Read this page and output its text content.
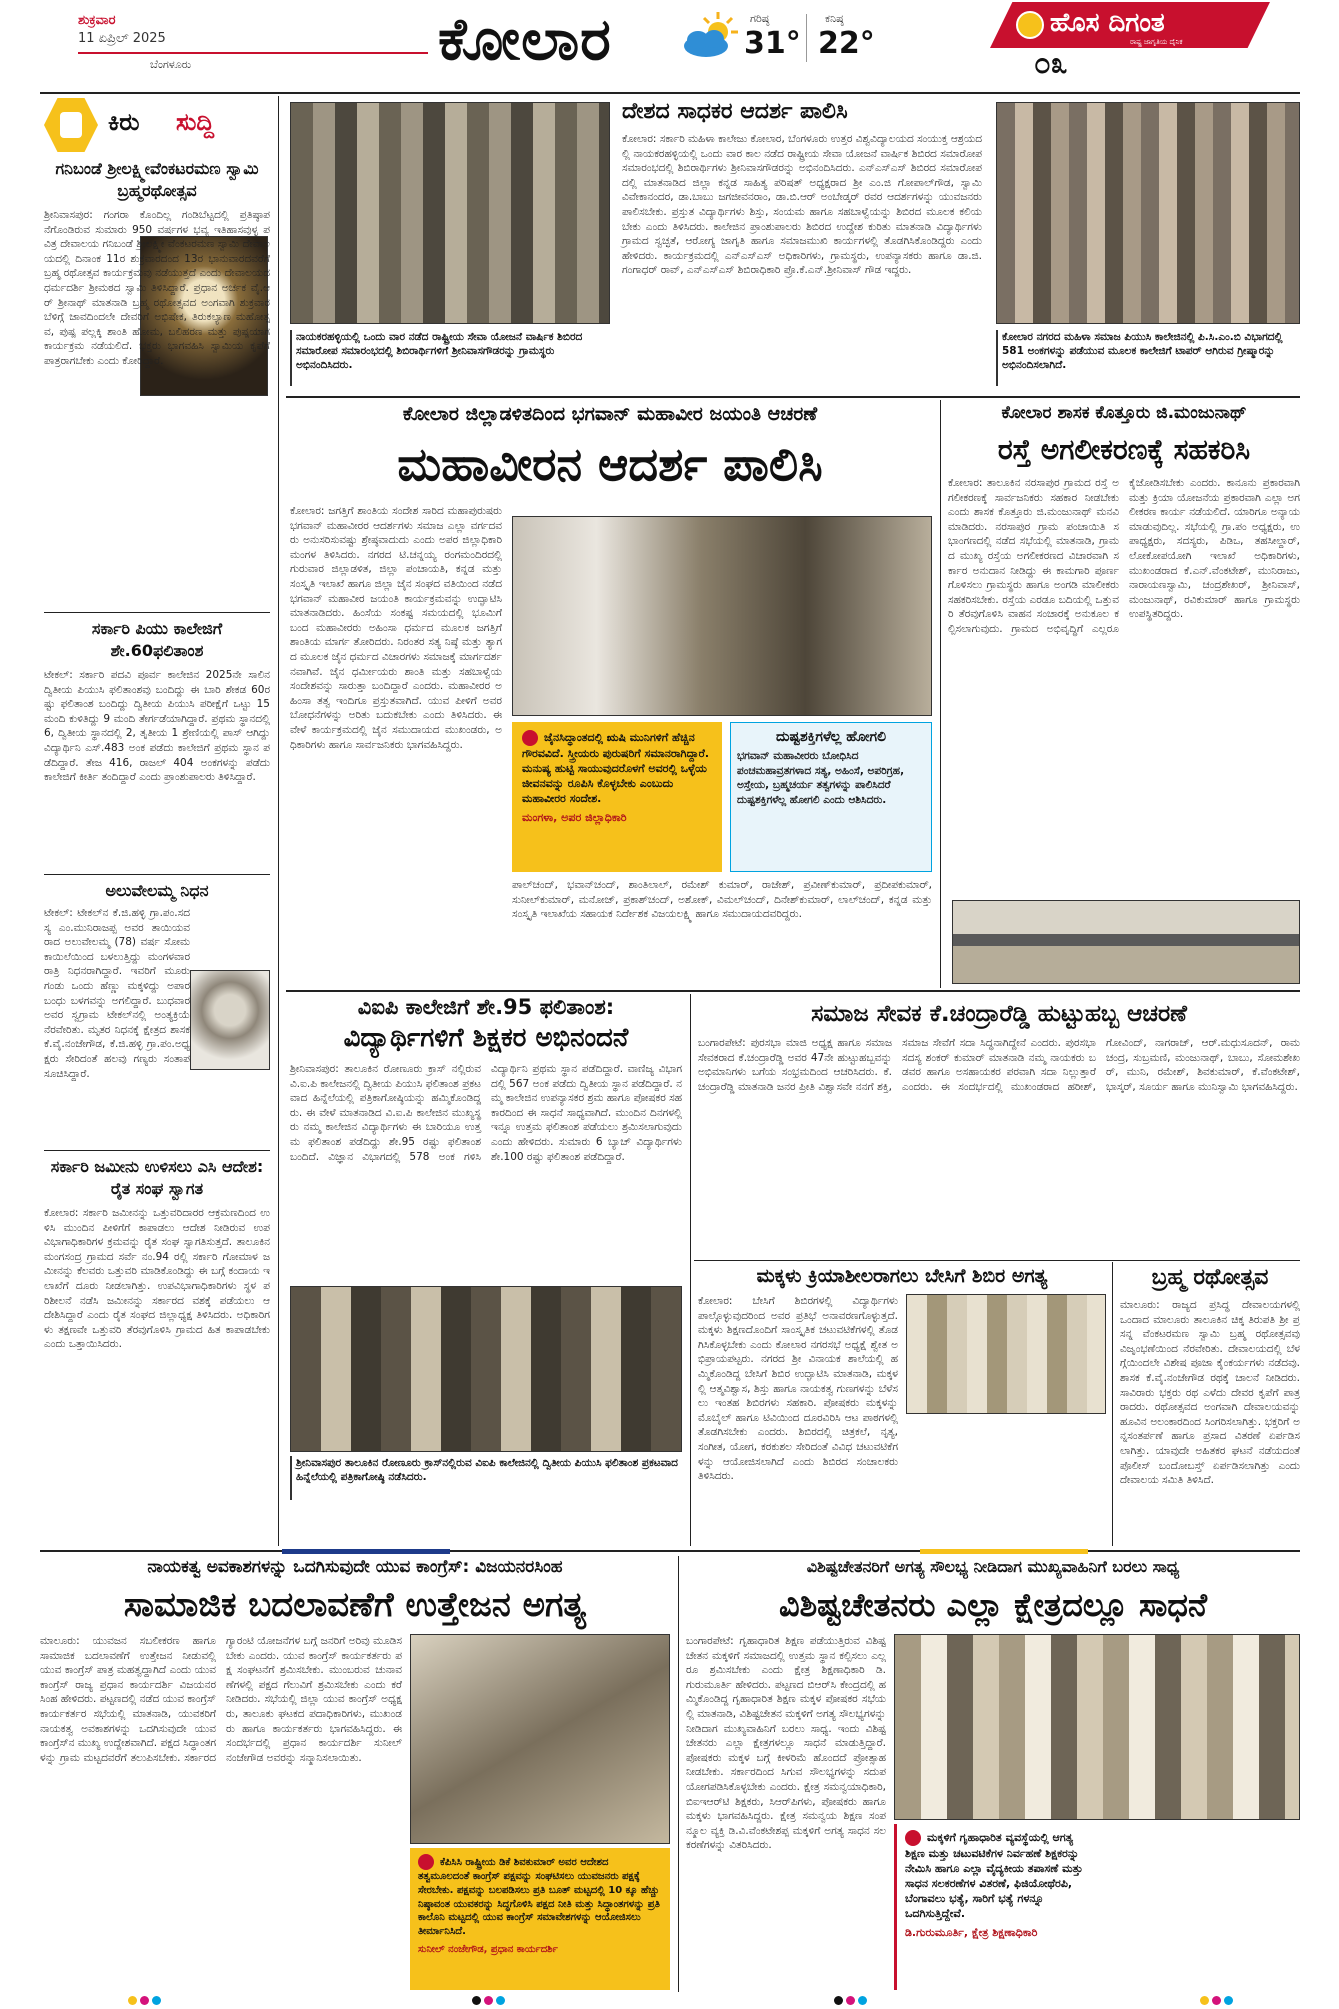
ಶುಕ್ರವಾರ
11 ಏಪ್ರಿಲ್ 2025
ಬೆಂಗಳೂರು	ಕೋಲಾರ	ಗರಿಷ್ಠ
31°
ಕನಿಷ್ಠ
22°
ಹೊಸ ದಿಗಂತ
ರಾಷ್ಟ್ರ ಜಾಗೃತಿಯ ದೈನಿಕ
೦೩
ಕಿರು ಸುದ್ದಿ
ಗನಿಬಂಡೆ ಶ್ರೀಲಕ್ಷ್ಮೀವೆಂಕಟರಮಣ ಸ್ವಾಮಿ ಬ್ರಹ್ಮರಥೋತ್ಸವ
ಶ್ರೀನಿವಾಸಪುರ: ಗಂಗರಾ ಕೊಂದಿಲ್ಲ ಗಂಡಿಬೆಟ್ಟದಲ್ಲಿ ಪ್ರತಿಷ್ಠಾಪನೆಗೊಂಡಿರುವ ಸುಮಾರು 950 ವರ್ಷಗಳ ಭವ್ಯ ಇತಿಹಾಸವುಳ್ಳ ಪವಿತ್ರ ದೇವಾಲಯ ಗನಿಬಂಡೆ ಶ್ರೀಲಕ್ಷ್ಮೀ ವೆಂಕಟರಮಣ ಸ್ವಾಮಿ ದೇವಾಲಯದಲ್ಲಿ ದಿನಾಂಕ 11ರ ಶುಕ್ರವಾರದಂದ 13ರ ಭಾನುವಾರದವರೆಗೆ ಬ್ರಹ್ಮ ರಥೋತ್ಸವ ಕಾರ್ಯಕ್ರಮವು ನಡೆಯುತ್ತದೆ ಎಂದು ದೇವಾಲಯದ ಧರ್ಮದರ್ಶಿ ಶ್ರೀಮಠದ ಸ್ವಾಮಿ ತಿಳಿಸಿದ್ದಾರೆ. ಪ್ರಧಾನ ಅರ್ಚಕ ವೈ.ಆರ್ ಶ್ರೀನಾಥ್ ಮಾತನಾಡಿ ಬ್ರಹ್ಮ ರಥೋತ್ಸವದ ಅಂಗವಾಗಿ ಶುಕ್ರವಾರ ಬೆಳಿಗ್ಗೆ ಜಾವದಿಂದಲೇ ದೇವರಿಗೆ ಅಭಿಷೇಕ, ತಿರುಕಲ್ಯಾಣ ಮಹೋತ್ಸವ, ಪುಷ್ಪ ಪಲ್ಲಕ್ಕಿ ಶಾಂತಿ ಹೋಮ, ಬಲಿಹರಣ ಮತ್ತು ಪುಷ್ಪಯಾಗ ಕಾರ್ಯಕ್ರಮ ನಡೆಯಲಿದೆ. ಭಕ್ತರು ಭಾಗವಹಿಸಿ ಸ್ವಾಮಿಯ ಕೃಪೆಗೆ ಪಾತ್ರರಾಗಬೇಕು ಎಂದು ಕೋರಿದ್ದಾರೆ.
ಸರ್ಕಾರಿ ಪಿಯು ಕಾಲೇಜಿಗೆ ಶೇ.60ಫಲಿತಾಂಶ
ಟೇಕಲ್: ಸರ್ಕಾರಿ ಪದವಿ ಪೂರ್ವ ಕಾಲೇಜಿನ 2025ನೇ ಸಾಲಿನ ದ್ವಿತೀಯ ಪಿಯುಸಿ ಫಲಿತಾಂಶವು ಬಂದಿದ್ದು ಈ ಬಾರಿ ಶೇಕಡ 60ರಷ್ಟು ಫಲಿತಾಂಶ ಬಂದಿದ್ದು ದ್ವಿತೀಯ ಪಿಯುಸಿ ಪರೀಕ್ಷೆಗೆ ಒಟ್ಟು 15 ಮಂದಿ ಕುಳಿತಿದ್ದು 9 ಮಂದಿ ತೇರ್ಗಡೆಯಾಗಿದ್ದಾರೆ. ಪ್ರಥಮ ಸ್ಥಾನದಲ್ಲಿ 6, ದ್ವಿತೀಯ ಸ್ಥಾನದಲ್ಲಿ 2, ತೃತೀಯ 1 ಶ್ರೇಣಿಯಲ್ಲಿ ಪಾಸ್ ಆಗಿದ್ದು ವಿದ್ಯಾರ್ಥಿನಿ ಎಸ್.483 ಅಂಕ ಪಡೆದು ಕಾಲೇಜಿಗೆ ಪ್ರಥಮ ಸ್ಥಾನ ಪಡೆದಿದ್ದಾರೆ. ತೇಜ 416, ರಾಜಲ್ 404 ಅಂಕಗಳನ್ನು ಪಡೆದು ಕಾಲೇಜಿಗೆ ಕೀರ್ತಿ ತಂದಿದ್ದಾರೆ ಎಂದು ಪ್ರಾಂಶುಪಾಲರು ತಿಳಿಸಿದ್ದಾರೆ.
ಅಲುವೇಲಮ್ಮ ನಿಧನ
ಟೇಕಲ್: ಟೇಕಲ್‌ನ ಕೆ.ಜಿ.ಹಳ್ಳಿ ಗ್ರಾ.ಪಂ.ಸದಸ್ಯ ಎಂ.ಮುನಿರಾಜಪ್ಪ ಅವರ ತಾಯಿಯವರಾದ ಅಲುವೇಲಮ್ಮ (78) ವರ್ಷ ಸೋಮ ಕಾಯಿಲೆಯಿಂದ ಬಳಲುತ್ತಿದ್ದು ಮಂಗಳವಾರ ರಾತ್ರಿ ನಿಧನರಾಗಿದ್ದಾರೆ. ಇವರಿಗೆ ಮೂರು ಗಂಡು ಒಂದು ಹೆಣ್ಣು ಮಕ್ಕಳಿದ್ದು ಅಪಾರ ಬಂಧು ಬಳಗವನ್ನು ಅಗಲಿದ್ದಾರೆ. ಬುಧವಾರ ಅವರ ಸ್ವಗ್ರಾಮ ಟೇಕಲ್‌ನಲ್ಲಿ ಅಂತ್ಯಕ್ರಿಯೆ ನೆರವೇರಿತು. ಮೃತರ ನಿಧನಕ್ಕೆ ಕ್ಷೇತ್ರದ ಶಾಸಕ ಕೆ.ವೈ.ನಂಜೇಗೌಡ, ಕೆ.ಜಿ.ಹಳ್ಳಿ ಗ್ರಾ.ಪಂ.ಅಧ್ಯಕ್ಷರು ಸೇರಿದಂತೆ ಹಲವು ಗಣ್ಯರು ಸಂತಾಪ ಸೂಚಿಸಿದ್ದಾರೆ.
ಸರ್ಕಾರಿ ಜಮೀನು ಉಳಿಸಲು ಎಸಿ ಆದೇಶ: ರೈತ ಸಂಘ ಸ್ವಾಗತ
ಕೋಲಾರ: ಸರ್ಕಾರಿ ಜಮೀನನ್ನು ಒತ್ತುವರಿದಾರರ ಆಕ್ರಮಣದಿಂದ ಉಳಿಸಿ ಮುಂದಿನ ಪೀಳಿಗೆಗೆ ಕಾಪಾಡಲು ಆದೇಶ ನೀಡಿರುವ ಉಪವಿಭಾಗಾಧಿಕಾರಿಗಳ ಕ್ರಮವನ್ನು ರೈತ ಸಂಘ ಸ್ವಾಗತಿಸುತ್ತದೆ. ತಾಲೂಕಿನ ಮಂಗಸಂದ್ರ ಗ್ರಾಮದ ಸರ್ವೆ ನಂ.94 ರಲ್ಲಿ ಸರ್ಕಾರಿ ಗೋಮಾಳ ಜಮೀನನ್ನು ಕೆಲವರು ಒತ್ತುವರಿ ಮಾಡಿಕೊಂಡಿದ್ದು ಈ ಬಗ್ಗೆ ಕಂದಾಯ ಇಲಾಖೆಗೆ ದೂರು ನೀಡಲಾಗಿತ್ತು. ಉಪವಿಭಾಗಾಧಿಕಾರಿಗಳು ಸ್ಥಳ ಪರಿಶೀಲನೆ ನಡೆಸಿ ಜಮೀನನ್ನು ಸರ್ಕಾರದ ವಶಕ್ಕೆ ಪಡೆಯಲು ಆದೇಶಿಸಿದ್ದಾರೆ ಎಂದು ರೈತ ಸಂಘದ ಜಿಲ್ಲಾಧ್ಯಕ್ಷ ತಿಳಿಸಿದರು. ಅಧಿಕಾರಿಗಳು ತಕ್ಷಣವೇ ಒತ್ತುವರಿ ತೆರವುಗೊಳಿಸಿ ಗ್ರಾಮದ ಹಿತ ಕಾಪಾಡಬೇಕು ಎಂದು ಒತ್ತಾಯಿಸಿದರು.
ನಾಯಕರಹಳ್ಳಿಯಲ್ಲಿ ಒಂದು ವಾರ ನಡೆದ ರಾಷ್ಟ್ರೀಯ ಸೇವಾ ಯೋಜನೆ ವಾರ್ಷಿಕ ಶಿಬಿರದ ಸಮಾರೋಪ ಸಮಾರಂಭದಲ್ಲಿ ಶಿಬಿರಾರ್ಥಿಗಳಿಗೆ ಶ್ರೀನಿವಾಸಗೌಡರನ್ನು ಗ್ರಾಮಸ್ಥರು ಅಭಿನಂದಿಸಿದರು.
ದೇಶದ ಸಾಧಕರ ಆದರ್ಶ ಪಾಲಿಸಿ
ಕೋಲಾರ: ಸರ್ಕಾರಿ ಮಹಿಳಾ ಕಾಲೇಜು ಕೋಲಾರ, ಬೆಂಗಳೂರು ಉತ್ತರ ವಿಶ್ವವಿದ್ಯಾಲಯದ ಸಂಯುಕ್ತ ಆಶ್ರಯದಲ್ಲಿ ನಾಯಕರಹಳ್ಳಿಯಲ್ಲಿ ಒಂದು ವಾರ ಕಾಲ ನಡೆದ ರಾಷ್ಟ್ರೀಯ ಸೇವಾ ಯೋಜನೆ ವಾರ್ಷಿಕ ಶಿಬಿರದ ಸಮಾರೋಪ ಸಮಾರಂಭದಲ್ಲಿ ಶಿಬಿರಾರ್ಥಿಗಳು ಶ್ರೀನಿವಾಸಗೌಡರನ್ನು ಅಭಿನಂದಿಸಿದರು. ಎನ್‌ಎಸ್‌ಎಸ್ ಶಿಬಿರದ ಸಮಾರೋಪದಲ್ಲಿ ಮಾತನಾಡಿದ ಜಿಲ್ಲಾ ಕನ್ನಡ ಸಾಹಿತ್ಯ ಪರಿಷತ್ ಅಧ್ಯಕ್ಷರಾದ ಶ್ರೀ ಎಂ.ಜಿ ಗೋಪಾಲ್‌ಗೌಡ, ಸ್ವಾಮಿ ವಿವೇಕಾನಂದರ, ಡಾ.ಬಾಬು ಜಗಜೀವನರಾಂ, ಡಾ.ಬಿ.ಆರ್ ಅಂಬೇಡ್ಕರ್ ರವರ ಆದರ್ಶಗಳನ್ನು ಯುವಜನರು ಪಾಲಿಸಬೇಕು. ಪ್ರಸ್ತುತ ವಿದ್ಯಾರ್ಥಿಗಳು ಶಿಸ್ತು, ಸಂಯಮ ಹಾಗೂ ಸಹಬಾಳ್ವೆಯನ್ನು ಶಿಬಿರದ ಮೂಲಕ ಕಲಿಯಬೇಕು ಎಂದು ತಿಳಿಸಿದರು. ಕಾಲೇಜಿನ ಪ್ರಾಂಶುಪಾಲರು ಶಿಬಿರದ ಉದ್ದೇಶ ಕುರಿತು ಮಾತನಾಡಿ ವಿದ್ಯಾರ್ಥಿಗಳು ಗ್ರಾಮದ ಸ್ವಚ್ಛತೆ, ಆರೋಗ್ಯ ಜಾಗೃತಿ ಹಾಗೂ ಸಮಾಜಮುಖಿ ಕಾರ್ಯಗಳಲ್ಲಿ ತೊಡಗಿಸಿಕೊಂಡಿದ್ದರು ಎಂದು ಹೇಳಿದರು. ಕಾರ್ಯಕ್ರಮದಲ್ಲಿ ಎನ್‌ಎಸ್‌ಎಸ್ ಅಧಿಕಾರಿಗಳು, ಗ್ರಾಮಸ್ಥರು, ಉಪನ್ಯಾಸಕರು ಹಾಗೂ ಡಾ.ಜಿ.ಗಂಗಾಧರ್ ರಾವ್, ಎನ್‌ಎಸ್‌ಎಸ್ ಶಿಬಿರಾಧಿಕಾರಿ ಪ್ರೊ.ಕೆ.ಎನ್.ಶ್ರೀನಿವಾಸ್ ಗೌಡ ಇದ್ದರು.
ಕೋಲಾರ ನಗರದ ಮಹಿಳಾ ಸಮಾಜ ಪಿಯುಸಿ ಕಾಲೇಜಿನಲ್ಲಿ ಪಿ.ಸಿ.ಎಂ.ಬಿ ವಿಭಾಗದಲ್ಲಿ 581 ಅಂಕಗಳನ್ನು ಪಡೆಯುವ ಮೂಲಕ ಕಾಲೇಜಿಗೆ ಟಾಪರ್ ಆಗಿರುವ ಗ್ರೀಷ್ಮಾರನ್ನು ಅಭಿನಂದಿಸಲಾಗಿದೆ.
ಕೋಲಾರ ಜಿಲ್ಲಾಡಳಿತದಿಂದ ಭಗವಾನ್ ಮಹಾವೀರ ಜಯಂತಿ ಆಚರಣೆ
ಮಹಾವೀರನ ಆದರ್ಶ ಪಾಲಿಸಿ
ಕೋಲಾರ: ಜಗತ್ತಿಗೆ ಶಾಂತಿಯ ಸಂದೇಶ ಸಾರಿದ ಮಹಾಪುರುಷರು ಭಗವಾನ್ ಮಹಾವೀರರ ಆದರ್ಶಗಳು ಸಮಾಜ ಎಲ್ಲಾ ವರ್ಗದವರು ಅನುಸರಿಸುವಷ್ಟು ಶ್ರೇಷ್ಠವಾದುದು ಎಂದು ಅಪರ ಜಿಲ್ಲಾಧಿಕಾರಿ ಮಂಗಳ ತಿಳಿಸಿದರು. ನಗರದ ಟಿ.ಚನ್ನಯ್ಯ ರಂಗಮಂದಿರದಲ್ಲಿ ಗುರುವಾರ ಜಿಲ್ಲಾಡಳಿತ, ಜಿಲ್ಲಾ ಪಂಚಾಯತಿ, ಕನ್ನಡ ಮತ್ತು ಸಂಸ್ಕೃತಿ ಇಲಾಖೆ ಹಾಗೂ ಜಿಲ್ಲಾ ಜೈನ ಸಂಘದ ವತಿಯಿಂದ ನಡೆದ ಭಗವಾನ್ ಮಹಾವೀರ ಜಯಂತಿ ಕಾರ್ಯಕ್ರಮವನ್ನು ಉದ್ಘಾಟಿಸಿ ಮಾತನಾಡಿದರು. ಹಿಂಸೆಯ ಸಂಕಷ್ಟ ಸಮಯದಲ್ಲಿ ಭೂಮಿಗೆ ಬಂದ ಮಹಾವೀರರು ಅಹಿಂಸಾ ಧರ್ಮದ ಮೂಲಕ ಜಗತ್ತಿಗೆ ಶಾಂತಿಯ ಮಾರ್ಗ ತೋರಿದರು. ನಿರಂತರ ಸತ್ಯ ನಿಷ್ಠೆ ಮತ್ತು ತ್ಯಾಗದ ಮೂಲಕ ಜೈನ ಧರ್ಮದ ವಿಚಾರಗಳು ಸಮಾಜಕ್ಕೆ ಮಾರ್ಗದರ್ಶನವಾಗಿವೆ. ಜೈನ ಧರ್ಮೀಯರು ಶಾಂತಿ ಮತ್ತು ಸಹಬಾಳ್ವೆಯ ಸಂದೇಶವನ್ನು ಸಾರುತ್ತಾ ಬಂದಿದ್ದಾರೆ ಎಂದರು. ಮಹಾವೀರರ ಅಹಿಂಸಾ ತತ್ವ ಇಂದಿಗೂ ಪ್ರಸ್ತುತವಾಗಿದೆ. ಯುವ ಪೀಳಿಗೆ ಅವರ ಬೋಧನೆಗಳನ್ನು ಅರಿತು ಬದುಕಬೇಕು ಎಂದು ತಿಳಿಸಿದರು. ಈ ವೇಳೆ ಕಾರ್ಯಕ್ರಮದಲ್ಲಿ ಜೈನ ಸಮುದಾಯದ ಮುಖಂಡರು, ಅಧಿಕಾರಿಗಳು ಹಾಗೂ ಸಾರ್ವಜನಿಕರು ಭಾಗವಹಿಸಿದ್ದರು.
ಜೈನಸಿದ್ಧಾಂತದಲ್ಲಿ ಋಷಿ ಮುನಿಗಳಿಗೆ ಹೆಚ್ಚಿನ ಗೌರವವಿದೆ. ಸ್ತ್ರೀಯರು ಪುರುಷರಿಗೆ ಸಮಾನರಾಗಿದ್ದಾರೆ. ಮನುಷ್ಯ ಹುಟ್ಟಿ ಸಾಯುವುದರೊಳಗೆ ಅವರಲ್ಲಿ ಒಳ್ಳೆಯ ಜೀವನವನ್ನು ರೂಪಿಸಿ ಕೊಳ್ಳಬೇಕು ಎಂಬುದು ಮಹಾವೀರರ ಸಂದೇಶ.
ಮಂಗಳಾ, ಅಪರ ಜಿಲ್ಲಾಧಿಕಾರಿ
ದುಷ್ಟಶಕ್ತಿಗಳೆಲ್ಲ ಹೋಗಲಿ
ಭಗವಾನ್ ಮಹಾವೀರರು ಬೋಧಿಸಿದ ಪಂಚಮಹಾವ್ರತಗಳಾದ ಸತ್ಯ, ಅಹಿಂಸೆ, ಅಪರಿಗ್ರಹ, ಅಸ್ತೇಯ, ಬ್ರಹ್ಮಚರ್ಯ ತತ್ವಗಳನ್ನು ಪಾಲಿಸಿದರೆ ದುಷ್ಟಶಕ್ತಿಗಳೆಲ್ಲ ಹೋಗಲಿ ಎಂದು ಆಶಿಸಿದರು.
ಪಾಲ್‌ಚಂದ್, ಭವಾನ್‌ಚಂದ್, ಶಾಂತಿಲಾಲ್, ರಮೇಶ್ ಕುಮಾರ್, ರಾಜೇಶ್, ಪ್ರವೀಣ್‌ಕುಮಾರ್, ಪ್ರದೀಪಕುಮಾರ್, ಸುನೀಲ್‌ಕುಮಾರ್, ಮನೋಜ್, ಪ್ರಕಾಶ್‌ಚಂದ್, ಅಶೋಕ್, ವಿಮಲ್‌ಚಂದ್, ದಿನೇಶ್‌ಕುಮಾರ್, ಲಾಲ್‌ಚಂದ್, ಕನ್ನಡ ಮತ್ತು ಸಂಸ್ಕೃತಿ ಇಲಾಖೆಯ ಸಹಾಯಕ ನಿರ್ದೇಶಕ ವಿಜಯಲಕ್ಷ್ಮಿ ಹಾಗೂ ಸಮುದಾಯದವರಿದ್ದರು.
ಕೋಲಾರ ಶಾಸಕ ಕೊತ್ತೂರು ಜಿ.ಮಂಜುನಾಥ್
ರಸ್ತೆ ಅಗಲೀಕರಣಕ್ಕೆ ಸಹಕರಿಸಿ
ಕೋಲಾರ: ತಾಲೂಕಿನ ನರಸಾಪುರ ಗ್ರಾಮದ ರಸ್ತೆ ಅಗಲೀಕರಣಕ್ಕೆ ಸಾರ್ವಜನಿಕರು ಸಹಕಾರ ನೀಡಬೇಕು ಎಂದು ಶಾಸಕ ಕೊತ್ತೂರು ಜಿ.ಮಂಜುನಾಥ್ ಮನವಿ ಮಾಡಿದರು. ನರಸಾಪುರ ಗ್ರಾಮ ಪಂಚಾಯಿತಿ ಸಭಾಂಗಣದಲ್ಲಿ ನಡೆದ ಸಭೆಯಲ್ಲಿ ಮಾತನಾಡಿ, ಗ್ರಾಮದ ಮುಖ್ಯ ರಸ್ತೆಯ ಅಗಲೀಕರಣದ ವಿಚಾರವಾಗಿ ಸರ್ಕಾರ ಅನುದಾನ ನೀಡಿದ್ದು ಈ ಕಾಮಗಾರಿ ಪೂರ್ಣಗೊಳಿಸಲು ಗ್ರಾಮಸ್ಥರು ಹಾಗೂ ಅಂಗಡಿ ಮಾಲೀಕರು ಸಹಕರಿಸಬೇಕು. ರಸ್ತೆಯ ಎರಡೂ ಬದಿಯಲ್ಲಿ ಒತ್ತುವರಿ ತೆರವುಗೊಳಿಸಿ ವಾಹನ ಸಂಚಾರಕ್ಕೆ ಅನುಕೂಲ ಕಲ್ಪಿಸಲಾಗುವುದು. ಗ್ರಾಮದ ಅಭಿವೃದ್ಧಿಗೆ ಎಲ್ಲರೂ ಕೈಜೋಡಿಸಬೇಕು ಎಂದರು. ಕಾನೂನು ಪ್ರಕಾರವಾಗಿ ಮತ್ತು ಕ್ರಿಯಾ ಯೋಜನೆಯ ಪ್ರಕಾರವಾಗಿ ಎಲ್ಲಾ ಅಗಲೀಕರಣ ಕಾರ್ಯ ನಡೆಯಲಿದೆ. ಯಾರಿಗೂ ಅನ್ಯಾಯ ಮಾಡುವುದಿಲ್ಲ. ಸಭೆಯಲ್ಲಿ ಗ್ರಾ.ಪಂ ಅಧ್ಯಕ್ಷರು, ಉಪಾಧ್ಯಕ್ಷರು, ಸದಸ್ಯರು, ಪಿಡಿಒ, ತಹಸೀಲ್ದಾರ್, ಲೋಕೋಪಯೋಗಿ ಇಲಾಖೆ ಅಧಿಕಾರಿಗಳು, ಮುಖಂಡರಾದ ಕೆ.ಎನ್.ವೆಂಕಟೇಶ್, ಮುನಿರಾಜು, ನಾರಾಯಣಸ್ವಾಮಿ, ಚಂದ್ರಶೇಖರ್, ಶ್ರೀನಿವಾಸ್, ಮಂಜುನಾಥ್, ರವಿಕುಮಾರ್ ಹಾಗೂ ಗ್ರಾಮಸ್ಥರು ಉಪಸ್ಥಿತರಿದ್ದರು.
ವಿಐಪಿ ಕಾಲೇಜಿಗೆ ಶೇ.95 ಫಲಿತಾಂಶ:
ವಿದ್ಯಾರ್ಥಿಗಳಿಗೆ ಶಿಕ್ಷಕರ ಅಭಿನಂದನೆ
ಶ್ರೀನಿವಾಸಪುರ: ತಾಲೂಕಿನ ರೋಣೂರು ಕ್ರಾಸ್ ನಲ್ಲಿರುವ ವಿ.ಐ.ಪಿ ಕಾಲೇಜನಲ್ಲಿ ದ್ವಿತೀಯ ಪಿಯುಸಿ ಫಲಿತಾಂಶ ಪ್ರಕಟವಾದ ಹಿನ್ನೆಲೆಯಲ್ಲಿ ಪತ್ರಿಕಾಗೋಷ್ಠಿಯನ್ನು ಹಮ್ಮಿಕೊಂಡಿದ್ದರು. ಈ ವೇಳೆ ಮಾತನಾಡಿದ ವಿ.ಐ.ಪಿ ಕಾಲೇಜಿನ ಮುಖ್ಯಸ್ಥರು ನಮ್ಮ ಕಾಲೇಜಿನ ವಿದ್ಯಾರ್ಥಿಗಳು ಈ ಬಾರಿಯೂ ಉತ್ತಮ ಫಲಿತಾಂಶ ಪಡೆದಿದ್ದು ಶೇ.95 ರಷ್ಟು ಫಲಿತಾಂಶ ಬಂದಿದೆ. ವಿಜ್ಞಾನ ವಿಭಾಗದಲ್ಲಿ 578 ಅಂಕ ಗಳಿಸಿ ವಿದ್ಯಾರ್ಥಿನಿ ಪ್ರಥಮ ಸ್ಥಾನ ಪಡೆದಿದ್ದಾರೆ. ವಾಣಿಜ್ಯ ವಿಭಾಗದಲ್ಲಿ 567 ಅಂಕ ಪಡೆದು ದ್ವಿತೀಯ ಸ್ಥಾನ ಪಡೆದಿದ್ದಾರೆ. ನಮ್ಮ ಕಾಲೇಜಿನ ಉಪನ್ಯಾಸಕರ ಶ್ರಮ ಹಾಗೂ ಪೋಷಕರ ಸಹಕಾರದಿಂದ ಈ ಸಾಧನೆ ಸಾಧ್ಯವಾಗಿದೆ. ಮುಂದಿನ ದಿನಗಳಲ್ಲಿ ಇನ್ನೂ ಉತ್ತಮ ಫಲಿತಾಂಶ ಪಡೆಯಲು ಶ್ರಮಿಸಲಾಗುವುದು ಎಂದು ಹೇಳಿದರು. ಸುಮಾರು 6 ಬ್ಯಾಚ್ ವಿದ್ಯಾರ್ಥಿಗಳು ಶೇ.100 ರಷ್ಟು ಫಲಿತಾಂಶ ಪಡೆದಿದ್ದಾರೆ.
ಶ್ರೀನಿವಾಸಪುರ ತಾಲೂಕಿನ ರೋಣೂರು ಕ್ರಾಸ್‌ನಲ್ಲಿರುವ ವಿಐಪಿ ಕಾಲೇಜಿನಲ್ಲಿ ದ್ವಿತೀಯ ಪಿಯುಸಿ ಫಲಿತಾಂಶ ಪ್ರಕಟವಾದ ಹಿನ್ನೆಲೆಯಲ್ಲಿ ಪತ್ರಿಕಾಗೋಷ್ಠಿ ನಡೆಸಿದರು.
ಸಮಾಜ ಸೇವಕ ಕೆ.ಚಂದ್ರಾರೆಡ್ಡಿ ಹುಟ್ಟುಹಬ್ಬ ಆಚರಣೆ
ಬಂಗಾರಪೇಟೆ: ಪುರಸಭಾ ಮಾಜಿ ಅಧ್ಯಕ್ಷ ಹಾಗೂ ಸಮಾಜ ಸೇವಕರಾದ ಕೆ.ಚಂದ್ರಾರೆಡ್ಡಿ ಅವರ 47ನೇ ಹುಟ್ಟುಹಬ್ಬವನ್ನು ಅಭಿಮಾನಿಗಳು ಬಗೆಯ ಸಂಭ್ರಮದಿಂದ ಆಚರಿಸಿದರು. ಕೆ.ಚಂದ್ರಾರೆಡ್ಡಿ ಮಾತನಾಡಿ ಜನರ ಪ್ರೀತಿ ವಿಶ್ವಾಸವೇ ನನಗೆ ಶಕ್ತಿ, ಸಮಾಜ ಸೇವೆಗೆ ಸದಾ ಸಿದ್ಧನಾಗಿದ್ದೇನೆ ಎಂದರು. ಪುರಸಭಾ ಸದಸ್ಯ ಶಂಕರ್ ಕುಮಾರ್ ಮಾತನಾಡಿ ನಮ್ಮ ನಾಯಕರು ಬಡವರ ಹಾಗೂ ಅಸಹಾಯಕರ ಪರವಾಗಿ ಸದಾ ನಿಲ್ಲುತ್ತಾರೆ ಎಂದರು. ಈ ಸಂದರ್ಭದಲ್ಲಿ ಮುಖಂಡರಾದ ಹರೀಶ್, ಗೋವಿಂದ್, ನಾಗರಾಜ್, ಆರ್.ಮಧುಸೂದನ್, ರಾಮಚಂದ್ರ, ಸುಬ್ರಮಣಿ, ಮಂಜುನಾಥ್, ಬಾಬು, ಸೋಮಶೇಖರ್, ಮುನಿ, ರಮೇಶ್, ಶಿವಕುಮಾರ್, ಕೆ.ವೆಂಕಟೇಶ್, ಭಾಸ್ಕರ್, ಸೂರ್ಯ ಹಾಗೂ ಮುನಿಸ್ವಾಮಿ ಭಾಗವಹಿಸಿದ್ದರು.
ಮಕ್ಕಳು ಕ್ರಿಯಾಶೀಲರಾಗಲು ಬೇಸಿಗೆ ಶಿಬಿರ ಅಗತ್ಯ
ಕೋಲಾರ: ಬೇಸಿಗೆ ಶಿಬಿರಗಳಲ್ಲಿ ವಿದ್ಯಾರ್ಥಿಗಳು ಪಾಲ್ಗೊಳ್ಳುವುದರಿಂದ ಅವರ ಪ್ರತಿಭೆ ಅನಾವರಣಗೊಳ್ಳುತ್ತದೆ. ಮಕ್ಕಳು ಶಿಕ್ಷಣದೊಂದಿಗೆ ಸಾಂಸ್ಕೃತಿಕ ಚಟುವಟಿಕೆಗಳಲ್ಲಿ ತೊಡಗಿಸಿಕೊಳ್ಳಬೇಕು ಎಂದು ಕೋಲಾರ ನಗರಸಭೆ ಅಧ್ಯಕ್ಷೆ ಶ್ವೇತ ಅಭಿಪ್ರಾಯಪಟ್ಟರು. ನಗರದ ಶ್ರೀ ವಿನಾಯಕ ಶಾಲೆಯಲ್ಲಿ ಹಮ್ಮಿಕೊಂಡಿದ್ದ ಬೇಸಿಗೆ ಶಿಬಿರ ಉದ್ಘಾಟಿಸಿ ಮಾತನಾಡಿ, ಮಕ್ಕಳಲ್ಲಿ ಆತ್ಮವಿಶ್ವಾಸ, ಶಿಸ್ತು ಹಾಗೂ ನಾಯಕತ್ವ ಗುಣಗಳನ್ನು ಬೆಳೆಸಲು ಇಂತಹ ಶಿಬಿರಗಳು ಸಹಕಾರಿ. ಪೋಷಕರು ಮಕ್ಕಳನ್ನು ಮೊಬೈಲ್ ಹಾಗೂ ಟಿವಿಯಿಂದ ದೂರವಿರಿಸಿ ಆಟ ಪಾಠಗಳಲ್ಲಿ ತೊಡಗಿಸಬೇಕು ಎಂದರು. ಶಿಬಿರದಲ್ಲಿ ಚಿತ್ರಕಲೆ, ನೃತ್ಯ, ಸಂಗೀತ, ಯೋಗ, ಕರಕುಶಲ ಸೇರಿದಂತೆ ವಿವಿಧ ಚಟುವಟಿಕೆಗಳನ್ನು ಆಯೋಜಿಸಲಾಗಿದೆ ಎಂದು ಶಿಬಿರದ ಸಂಚಾಲಕರು ತಿಳಿಸಿದರು.
ಬ್ರಹ್ಮ ರಥೋತ್ಸವ
ಮಾಲೂರು: ರಾಜ್ಯದ ಪ್ರಸಿದ್ಧ ದೇವಾಲಯಗಳಲ್ಲಿ ಒಂದಾದ ಮಾಲೂರು ತಾಲೂಕಿನ ಚಿಕ್ಕ ತಿರುಪತಿ ಶ್ರೀ ಪ್ರಸನ್ನ ವೆಂಕಟರಮಣ ಸ್ವಾಮಿ ಬ್ರಹ್ಮ ರಥೋತ್ಸವವು ವಿಜೃಂಭಣೆಯಿಂದ ನೆರವೇರಿತು. ದೇವಾಲಯದಲ್ಲಿ ಬೆಳಗ್ಗೆಯಿಂದಲೇ ವಿಶೇಷ ಪೂಜಾ ಕೈಂಕರ್ಯಗಳು ನಡೆದವು. ಶಾಸಕ ಕೆ.ವೈ.ನಂಜೇಗೌಡ ರಥಕ್ಕೆ ಚಾಲನೆ ನೀಡಿದರು. ಸಾವಿರಾರು ಭಕ್ತರು ರಥ ಎಳೆದು ದೇವರ ಕೃಪೆಗೆ ಪಾತ್ರರಾದರು. ರಥೋತ್ಸವದ ಅಂಗವಾಗಿ ದೇವಾಲಯವನ್ನು ಹೂವಿನ ಅಲಂಕಾರದಿಂದ ಸಿಂಗರಿಸಲಾಗಿತ್ತು. ಭಕ್ತರಿಗೆ ಅನ್ನಸಂತರ್ಪಣೆ ಹಾಗೂ ಪ್ರಸಾದ ವಿತರಣೆ ಏರ್ಪಡಿಸಲಾಗಿತ್ತು. ಯಾವುದೇ ಅಹಿತಕರ ಘಟನೆ ನಡೆಯದಂತೆ ಪೊಲೀಸ್ ಬಂದೋಬಸ್ತ್ ಏರ್ಪಡಿಸಲಾಗಿತ್ತು ಎಂದು ದೇವಾಲಯ ಸಮಿತಿ ತಿಳಿಸಿದೆ.
ನಾಯಕತ್ವ ಅವಕಾಶಗಳನ್ನು ಒದಗಿಸುವುದೇ ಯುವ ಕಾಂಗ್ರೆಸ್: ವಿಜಯನರಸಿಂಹ
ಸಾಮಾಜಿಕ ಬದಲಾವಣೆಗೆ ಉತ್ತೇಜನ ಅಗತ್ಯ
ಮಾಲೂರು: ಯುವಜನ ಸಬಲೀಕರಣ ಹಾಗೂ ಸಾಮಾಜಿಕ ಬದಲಾವಣೆಗೆ ಉತ್ತೇಜನ ನೀಡುವಲ್ಲಿ ಯುವ ಕಾಂಗ್ರೆಸ್ ಪಾತ್ರ ಮಹತ್ವದ್ದಾಗಿದೆ ಎಂದು ಯುವ ಕಾಂಗ್ರೆಸ್ ರಾಜ್ಯ ಪ್ರಧಾನ ಕಾರ್ಯದರ್ಶಿ ವಿಜಯನರಸಿಂಹ ಹೇಳಿದರು. ಪಟ್ಟಣದಲ್ಲಿ ನಡೆದ ಯುವ ಕಾಂಗ್ರೆಸ್ ಕಾರ್ಯಕರ್ತರ ಸಭೆಯಲ್ಲಿ ಮಾತನಾಡಿ, ಯುವಕರಿಗೆ ನಾಯಕತ್ವ ಅವಕಾಶಗಳನ್ನು ಒದಗಿಸುವುದೇ ಯುವ ಕಾಂಗ್ರೆಸ್‌ನ ಮುಖ್ಯ ಉದ್ದೇಶವಾಗಿದೆ. ಪಕ್ಷದ ಸಿದ್ಧಾಂತಗಳನ್ನು ಗ್ರಾಮ ಮಟ್ಟದವರೆಗೆ ತಲುಪಿಸಬೇಕು. ಸರ್ಕಾರದ ಗ್ಯಾರಂಟಿ ಯೋಜನೆಗಳ ಬಗ್ಗೆ ಜನರಿಗೆ ಅರಿವು ಮೂಡಿಸಬೇಕು ಎಂದರು. ಯುವ ಕಾಂಗ್ರೆಸ್ ಕಾರ್ಯಕರ್ತರು ಪಕ್ಷ ಸಂಘಟನೆಗೆ ಶ್ರಮಿಸಬೇಕು. ಮುಂಬರುವ ಚುನಾವಣೆಗಳಲ್ಲಿ ಪಕ್ಷದ ಗೆಲುವಿಗೆ ಶ್ರಮಿಸಬೇಕು ಎಂದು ಕರೆ ನೀಡಿದರು. ಸಭೆಯಲ್ಲಿ ಜಿಲ್ಲಾ ಯುವ ಕಾಂಗ್ರೆಸ್ ಅಧ್ಯಕ್ಷರು, ತಾಲೂಕು ಘಟಕದ ಪದಾಧಿಕಾರಿಗಳು, ಮುಖಂಡರು ಹಾಗೂ ಕಾರ್ಯಕರ್ತರು ಭಾಗವಹಿಸಿದ್ದರು. ಈ ಸಂದರ್ಭದಲ್ಲಿ ಪ್ರಧಾನ ಕಾರ್ಯದರ್ಶಿ ಸುನೀಲ್ ನಂಜೇಗೌಡ ಅವರನ್ನು ಸನ್ಮಾನಿಸಲಾಯಿತು.
ಕೆಪಿಸಿಸಿ ರಾಷ್ಟ್ರೀಯ ಡಿಕೆ ಶಿವಕುಮಾರ್ ಅವರ ಆದೇಶದ ತತ್ವಮೂಲದಂತೆ ಕಾಂಗ್ರೆಸ್ ಪಕ್ಷವನ್ನು ಸಂಘಟಿಸಲು ಯುವಜನರು ಪಕ್ಷಕ್ಕೆ ಸೇರಬೇಕು. ಪಕ್ಷವನ್ನು ಬಲಪಡಿಸಲು ಪ್ರತಿ ಬೂತ್ ಮಟ್ಟದಲ್ಲಿ 10 ಕ್ಕೂ ಹೆಚ್ಚು ನಿಷ್ಠಾವಂತ ಯುವಕರನ್ನು ಸಿದ್ಧಗೊಳಿಸಿ ಪಕ್ಷದ ನೀತಿ ಮತ್ತು ಸಿದ್ಧಾಂತಗಳನ್ನು ಪ್ರತಿ ಕಾಲೊನಿ ಮಟ್ಟದಲ್ಲಿ ಯುವ ಕಾಂಗ್ರೆಸ್ ಸಮಾವೇಶಗಳನ್ನು ಆಯೋಜಿಸಲು ತೀರ್ಮಾನಿಸಿದೆ.
ಸುನೀಲ್ ನಂಜೇಗೌಡ, ಪ್ರಧಾನ ಕಾರ್ಯದರ್ಶಿ
ವಿಶಿಷ್ಟಚೇತನರಿಗೆ ಅಗತ್ಯ ಸೌಲಭ್ಯ ನೀಡಿದಾಗ ಮುಖ್ಯವಾಹಿನಿಗೆ ಬರಲು ಸಾಧ್ಯ
ವಿಶಿಷ್ಟಚೇತನರು ಎಲ್ಲಾ ಕ್ಷೇತ್ರದಲ್ಲೂ ಸಾಧನೆ
ಬಂಗಾರಪೇಟೆ: ಗೃಹಾಧಾರಿತ ಶಿಕ್ಷಣ ಪಡೆಯುತ್ತಿರುವ ವಿಶಿಷ್ಟಚೇತನ ಮಕ್ಕಳಿಗೆ ಸಮಾಜದಲ್ಲಿ ಉತ್ತಮ ಸ್ಥಾನ ಕಲ್ಪಿಸಲು ಎಲ್ಲರೂ ಶ್ರಮಿಸಬೇಕು ಎಂದು ಕ್ಷೇತ್ರ ಶಿಕ್ಷಣಾಧಿಕಾರಿ ಡಿ.ಗುರುಮೂರ್ತಿ ಹೇಳಿದರು. ಪಟ್ಟಣದ ಬಿಆರ್‌ಸಿ ಕೇಂದ್ರದಲ್ಲಿ ಹಮ್ಮಿಕೊಂಡಿದ್ದ ಗೃಹಾಧಾರಿತ ಶಿಕ್ಷಣ ಮಕ್ಕಳ ಪೋಷಕರ ಸಭೆಯಲ್ಲಿ ಮಾತನಾಡಿ, ವಿಶಿಷ್ಟಚೇತನ ಮಕ್ಕಳಿಗೆ ಅಗತ್ಯ ಸೌಲಭ್ಯಗಳನ್ನು ನೀಡಿದಾಗ ಮುಖ್ಯವಾಹಿನಿಗೆ ಬರಲು ಸಾಧ್ಯ. ಇಂದು ವಿಶಿಷ್ಟಚೇತನರು ಎಲ್ಲಾ ಕ್ಷೇತ್ರಗಳಲ್ಲೂ ಸಾಧನೆ ಮಾಡುತ್ತಿದ್ದಾರೆ. ಪೋಷಕರು ಮಕ್ಕಳ ಬಗ್ಗೆ ಕೀಳರಿಮೆ ಹೊಂದದೆ ಪ್ರೋತ್ಸಾಹ ನೀಡಬೇಕು. ಸರ್ಕಾರದಿಂದ ಸಿಗುವ ಸೌಲಭ್ಯಗಳನ್ನು ಸದುಪಯೋಗಪಡಿಸಿಕೊಳ್ಳಬೇಕು ಎಂದರು. ಕ್ಷೇತ್ರ ಸಮನ್ವಯಾಧಿಕಾರಿ, ಬಿಐಇಆರ್‌ಟಿ ಶಿಕ್ಷಕರು, ಸಿಆರ್‌ಪಿಗಳು, ಪೋಷಕರು ಹಾಗೂ ಮಕ್ಕಳು ಭಾಗವಹಿಸಿದ್ದರು. ಕ್ಷೇತ್ರ ಸಮನ್ವಯ ಶಿಕ್ಷಣ ಸಂಪನ್ಮೂಲ ವ್ಯಕ್ತಿ ಡಿ.ವಿ.ವೆಂಕಟೇಶಪ್ಪ ಮಕ್ಕಳಿಗೆ ಅಗತ್ಯ ಸಾಧನ ಸಲಕರಣೆಗಳನ್ನು ವಿತರಿಸಿದರು.
ಮಕ್ಕಳಿಗೆ ಗೃಹಾಧಾರಿತ ವ್ಯವಸ್ಥೆಯಲ್ಲಿ ಆಗತ್ಯ ಶಿಕ್ಷಣ ಮತ್ತು ಚಟುವಟಿಕೆಗಳ ನಿರ್ವಹಣೆ ಶಿಕ್ಷಕರನ್ನು ನೇಮಿಸಿ ಹಾಗೂ ಎಲ್ಲಾ ವೈದ್ಯಕೀಯ ತಪಾಸಣೆ ಮತ್ತು ಸಾಧನ ಸಲಕರಣೆಗಳ ವಿತರಣೆ, ಫಿಜಿಯೋಥೆರಪಿ, ಬೆಂಗಾವಲು ಭತ್ಯೆ, ಸಾರಿಗೆ ಭತ್ಯೆ ಗಳನ್ನೂ ಒದಗಿಸುತ್ತಿದ್ದೇವೆ.
ಡಿ.ಗುರುಮೂರ್ತಿ, ಕ್ಷೇತ್ರ ಶಿಕ್ಷಣಾಧಿಕಾರಿ
